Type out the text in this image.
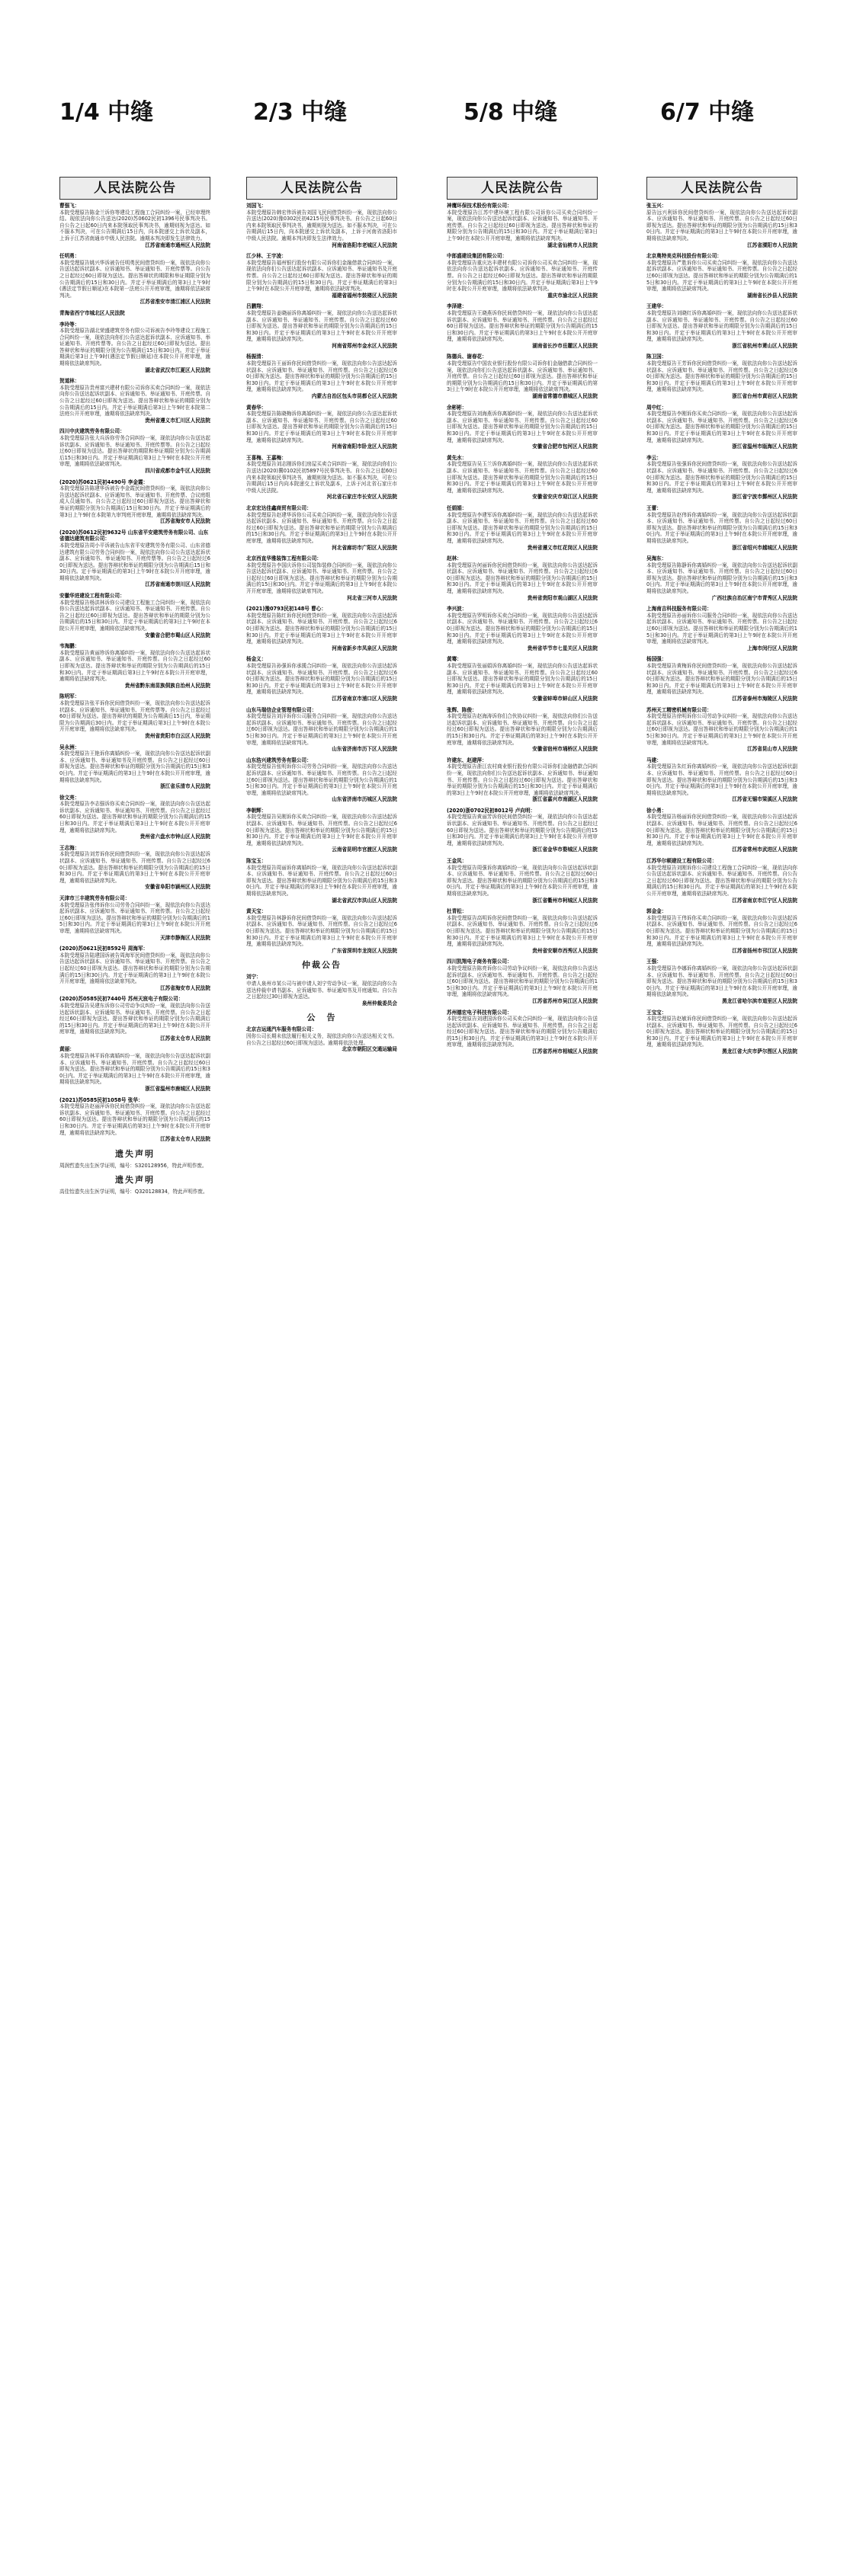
1/4 中缝	2/3 中缝	5/8 中缝	6/7 中缝
人民法院公告
曹强飞：
本院受理原告陈金兰诉你等建设工程施工合同纠纷一案，已经审理终结。现依法向你公告送达(2020)苏0602民初1396号民事判决书。自公告之日起60日内来本院领取民事判决书，逾期则视为送达。如不服本判决，可在公告期满后15日内，向本院递交上诉状及副本，上诉于江苏省南通市中级人民法院。逾期本判决即发生法律效力。
江苏省南通市通州区人民法院
任明勇：
本院受理原告姚兴华诉被告任明勇民间借贷纠纷一案，现依法向你公告送达起诉状副本、应诉通知书、举证通知书、开庭传票等。自公告之日起经过60日即视为送达。提出答辩状的期限和举证期限分别为公告期满后的15日和30日内。并定于举证期满后的第3日上午9时(遇法定节假日顺延)在本院第一法庭公开开庭审理，逾期将依法缺席判决。
江苏省淮安市清江浦区人民法院
青海省西宁市城北区人民法院
李玲等：
本院受理原告湖北荣盛建筑劳务有限公司诉被告李玲等建设工程施工合同纠纷一案，现依法向你们公告送达起诉状副本、应诉通知书、举证通知书、开庭传票等。自公告之日起经过60日即视为送达。提出答辩状和举证的期限分别为公告期满后15日和30日内。并定于举证期满后第3日上午9时(遇法定节假日顺延)在本院公开开庭审理，逾期将依法缺席判决。
湖北省武汉市江夏区人民法院
贺道林：
本院受理原告贵州富兴建材有限公司诉你买卖合同纠纷一案，现依法向你公告送达起诉状副本、应诉通知书、举证通知书、开庭传票。自公告之日起经过60日即视为送达。提出答辩状和举证的期限分别为公告期满后的15日内。并定于举证期满后第3日上午9时在本院第二法庭公开开庭审理，逾期将依法缺席判决。
贵州省遵义市汇川区人民法院
四川中庆建筑劳务有限公司：
本院受理原告张大兵诉你劳务合同纠纷一案，现依法向你公告送达起诉状副本、应诉通知书、举证通知书、开庭传票等。自公告之日起经过60日即视为送达。提出答辩状的期限和举证期限分别为公告期满后15日和30日内。并定于举证期满后第3日上午9时在本院公开开庭审理，逾期将依法缺席判决。
四川省成都市金牛区人民法院
(2020)苏0621民初4490号 李金霞：
本院受理原告陈建华诉被告李金霞民间借贷纠纷一案，现依法向你公告送达起诉状副本、应诉通知书、举证通知书、开庭传票、合议庭组成人员通知书。自公告之日起经过60日即视为送达。提出答辩状和举证的期限分别为公告期满后15日和30日内。并定于举证期满后的第3日上午9时在本院第九审判庭开庭审理，逾期将依法缺席判决。
江苏省海安市人民法院
(2020)苏0612民初9632号 山东省平安建筑劳务有限公司、山东省德达建筑有限公司：
本院受理原告周小平诉被告山东省平安建筑劳务有限公司、山东省德达建筑有限公司劳务合同纠纷一案，现依法向你公司公告送达起诉状副本、应诉通知书、举证通知书、开庭传票等。自公告之日起经过60日即视为送达。提出答辩状和举证的期限分别为公告期满后15日和30日内。定于举证期满后的第3日上午9时在本院公开开庭审理，逾期将依法缺席判决。
江苏省南通市崇川区人民法院
安徽华进建设工程有限公司：
本院受理原告杨洪林诉你公司建设工程施工合同纠纷一案，现依法向你公告送达起诉状副本、应诉通知书、举证通知书、开庭传票。自公告之日起经过60日即视为送达。提出答辩状和举证的期限分别为公告期满后的15日和30日内。并定于举证期满后的第3日上午9时在本院公开开庭审理，逾期将依法缺席判决。
安徽省合肥市蜀山区人民法院
韦海鹏：
本院受理原告黄丽珍诉你离婚纠纷一案，现依法向你公告送达起诉状副本、应诉通知书、举证通知书、开庭传票。自公告之日起经过60日即视为送达。提出答辩状和举证的期限分别为公告期满后的15日和30日内。并定于举证期满后第3日上午9时在本院公开开庭审理，逾期将依法缺席判决。
贵州省黔东南苗族侗族自治州人民法院
陈明军：
本院受理原告张平诉你民间借贷纠纷一案，现依法向你公告送达起诉状副本、应诉通知书、举证通知书、开庭传票等。自公告之日起经过60日即视为送达。提出答辩状的期限为公告期满后15日内，举证期限为公告期满后30日内。并定于举证期满后第3日上午9时在本院公开开庭审理，逾期将依法缺席判决。
贵州省贵阳市白云区人民法院
吴永洲：
本院受理原告王艳诉你离婚纠纷一案，现依法向你公告送达起诉状副本、应诉通知书、举证通知书及开庭传票。自公告之日起经过60日即视为送达。提出答辩状和举证的期限分别为公告期满后的15日和30日内。并定于举证期满后的第3日上午9时在本院公开开庭审理，逾期将依法缺席判决。
浙江省乐清市人民法院
徐文亮：
本院受理原告李志强诉你买卖合同纠纷一案，现依法向你公告送达起诉状副本、应诉通知书、举证通知书、开庭传票。自公告之日起经过60日即视为送达。提出答辩状和举证的期限分别为公告期满后的15日和30日内。并定于举证期满后第3日上午9时在本院公开开庭审理，逾期将依法缺席判决。
贵州省六盘水市钟山区人民法院
王志海：
本院受理原告刘芳诉你民间借贷纠纷一案，现依法向你公告送达起诉状副本、应诉通知书、举证通知书、开庭传票。自公告之日起经过60日即视为送达。提出答辩状和举证的期限分别为公告期满后的15日和30日内。并定于举证期满后的第3日上午9时在本院公开开庭审理，逾期将依法缺席判决。
安徽省阜阳市颍州区人民法院
天津市三丰建筑劳务有限公司：
本院受理原告张伟诉你公司劳务合同纠纷一案，现依法向你公告送达起诉状副本、应诉通知书、举证通知书、开庭传票。自公告之日起经过60日即视为送达。提出答辩状和举证的期限分别为公告期满后的15日和30日内。并定于举证期满后的第3日上午9时在本院公开开庭审理，逾期将依法缺席判决。
天津市静海区人民法院
(2020)苏0621民初8592号 周海军：
本院受理原告陆建国诉被告周海军民间借贷纠纷一案，现依法向你公告送达起诉状副本、应诉通知书、举证通知书、开庭传票。自公告之日起经过60日即视为送达。提出答辩状和举证的期限分别为公告期满后的15日和30日内。并定于举证期满后的第3日上午9时在本院公开开庭审理，逾期将依法缺席判决。
江苏省海安市人民法院
(2020)苏0585民初7440号 苏州天宸电子有限公司：
本院受理原告吴建东诉你公司劳动争议纠纷一案，现依法向你公告送达起诉状副本、应诉通知书、举证通知书、开庭传票。自公告之日起经过60日即视为送达。提出答辩状和举证的期限分别为公告期满后的15日和30日内。并定于举证期满后的第3日上午9时在本院公开开庭审理，逾期将依法缺席判决。
江苏省太仓市人民法院
黄丽：
本院受理原告林平诉你离婚纠纷一案，现依法向你公告送达起诉状副本、应诉通知书、举证通知书、开庭传票。自公告之日起经过60日即视为送达。提出答辩状和举证的期限分别为公告期满后的15日和30日内。并定于举证期满后的第3日上午9时在本院公开开庭审理，逾期将依法缺席判决。
浙江省温州市鹿城区人民法院
(2021)苏0585民初1058号 张华：
本院受理原告赵丽萍诉你民间借贷纠纷一案，现依法向你公告送达起诉状副本、应诉通知书、举证通知书、开庭传票。自公告之日起经过60日即视为送达。提出答辩状和举证的期限分别为公告期满后的15日和30日内。并定于举证期满后的第3日上午9时在本院公开开庭审理，逾期将依法缺席判决。
江苏省太仓市人民法院
遗失声明
周润哲遗失出生医学证明，编号：S320128956，特此声明作废。
遗失声明
高佳怡遗失出生医学证明，编号：Q320128834，特此声明作废。
人民法院公告
刘国飞：
本院受理原告韩宏伟诉被告刘国飞民间借贷纠纷一案，现依法向你公告送达(2020)豫0302民初4215号民事判决书。自公告之日起60日内来本院领取民事判决书，逾期则视为送达。如不服本判决，可在公告期满后15日内，向本院递交上诉状及副本，上诉于河南省洛阳市中级人民法院。逾期本判决即发生法律效力。
河南省洛阳市老城区人民法院
江少林、王宇凌：
本院受理原告福州银行股份有限公司诉你们金融借款合同纠纷一案，现依法向你们公告送达起诉状副本、应诉通知书、举证通知书及开庭传票。自公告之日起经过60日即视为送达。提出答辩状和举证的期限分别为公告期满后的15日和30日内。并定于举证期满后的第3日上午9时在本院公开开庭审理，逾期将依法缺席判决。
福建省福州市鼓楼区人民法院
吕鹏翔：
本院受理原告姜晓丽诉你离婚纠纷一案，现依法向你公告送达起诉状副本、应诉通知书、举证通知书、开庭传票。自公告之日起经过60日即视为送达。提出答辩状和举证的期限分别为公告期满后的15日和30日内。并定于举证期满后的第3日上午9时在本院公开开庭审理，逾期将依法缺席判决。
河南省郑州市金水区人民法院
杨振清：
本院受理原告王丽诉你民间借贷纠纷一案，现依法向你公告送达起诉状副本、应诉通知书、举证通知书、开庭传票。自公告之日起经过60日即视为送达。提出答辩状和举证的期限分别为公告期满后的15日和30日内。并定于举证期满后的第3日上午9时在本院公开开庭审理，逾期将依法缺席判决。
内蒙古自治区包头市昆都仑区人民法院
黄春华：
本院受理原告陈晓梅诉你离婚纠纷一案，现依法向你公告送达起诉状副本、应诉通知书、举证通知书、开庭传票。自公告之日起经过60日即视为送达。提出答辩状和举证的期限分别为公告期满后的15日和30日内。并定于举证期满后的第3日上午9时在本院公开开庭审理，逾期将依法缺席判决。
河南省南阳市卧龙区人民法院
王喜梅、王嘉梅：
本院受理原告刘志刚诉你们房屋买卖合同纠纷一案，现依法向你们公告送达(2020)冀0102民初5897号民事判决书。自公告之日起60日内来本院领取民事判决书，逾期则视为送达。如不服本判决，可在公告期满后15日内向本院递交上诉状及副本，上诉于河北省石家庄市中级人民法院。
河北省石家庄市长安区人民法院
北京宏达佳鑫商贸有限公司：
本院受理原告赵建华诉你公司买卖合同纠纷一案，现依法向你公告送达起诉状副本、应诉通知书、举证通知书、开庭传票。自公告之日起经过60日即视为送达。提出答辩状和举证的期限分别为公告期满后的15日和30日内。并定于举证期满后的第3日上午9时在本院公开开庭审理，逾期将依法缺席判决。
河北省廊坊市广阳区人民法院
北京西直华雅装饰工程有限公司：
本院受理原告李国庆诉你公司装饰装修合同纠纷一案，现依法向你公告送达起诉状副本、应诉通知书、举证通知书、开庭传票。自公告之日起经过60日即视为送达。提出答辩状和举证的期限分别为公告期满后的15日和30日内。并定于举证期满后的第3日上午9时在本院公开开庭审理，逾期将依法缺席判决。
河北省三河市人民法院
(2021)豫0793民初148号 曹心：
本院受理原告陈红诉你民间借贷纠纷一案，现依法向你公告送达起诉状副本、应诉通知书、举证通知书、开庭传票。自公告之日起经过60日即视为送达。提出答辩状和举证的期限分别为公告期满后的15日和30日内。并定于举证期满后的第3日上午9时在本院公开开庭审理，逾期将依法缺席判决。
河南省新乡市凤泉区人民法院
杨金义：
本院受理原告孙强诉你承揽合同纠纷一案，现依法向你公告送达起诉状副本、应诉通知书、举证通知书、开庭传票。自公告之日起经过60日即视为送达。提出答辩状和举证的期限分别为公告期满后的15日和30日内。并定于举证期满后的第3日上午9时在本院公开开庭审理，逾期将依法缺席判决。
江苏省南京市浦口区人民法院
山东马瑞信企业管理有限公司：
本院受理原告刘洋诉你公司服务合同纠纷一案，现依法向你公告送达起诉状副本、应诉通知书、举证通知书、开庭传票。自公告之日起经过60日即视为送达。提出答辩状和举证的期限分别为公告期满后的15日和30日内。并定于举证期满后的第3日上午9时在本院公开开庭审理，逾期将依法缺席判决。
山东省济南市历下区人民法院
山东浩兴建筑劳务有限公司：
本院受理原告张明诉你公司劳务合同纠纷一案，现依法向你公告送达起诉状副本、应诉通知书、举证通知书、开庭传票。自公告之日起经过60日即视为送达。提出答辩状和举证的期限分别为公告期满后的15日和30日内。并定于举证期满后的第3日上午9时在本院公开开庭审理，逾期将依法缺席判决。
山东省济南市历城区人民法院
李朝辉：
本院受理原告吴刚诉你买卖合同纠纷一案，现依法向你公告送达起诉状副本、应诉通知书、举证通知书、开庭传票。自公告之日起经过60日即视为送达。提出答辩状和举证的期限分别为公告期满后的15日和30日内。并定于举证期满后的第3日上午9时在本院公开开庭审理，逾期将依法缺席判决。
云南省昆明市官渡区人民法院
陈宝玉：
本院受理原告周丽诉你离婚纠纷一案，现依法向你公告送达起诉状副本、应诉通知书、举证通知书、开庭传票。自公告之日起经过60日即视为送达。提出答辩状和举证的期限分别为公告期满后的15日和30日内。并定于举证期满后的第3日上午9时在本院公开开庭审理，逾期将依法缺席判决。
湖北省武汉市洪山区人民法院
黄天宝：
本院受理原告林静诉你民间借贷纠纷一案，现依法向你公告送达起诉状副本、应诉通知书、举证通知书、开庭传票。自公告之日起经过60日即视为送达。提出答辩状和举证的期限分别为公告期满后的15日和30日内。并定于举证期满后的第3日上午9时在本院公开开庭审理，逾期将依法缺席判决。
广东省深圳市龙岗区人民法院
仲裁公告
刘宁：
申请人泉州市某公司与被申请人刘宁劳动争议一案，现依法向你公告送达仲裁申请书副本、应诉通知书、举证通知书及开庭通知。自公告之日起经过30日即视为送达。
泉州仲裁委员会
公　告
北京吉运通汽车服务有限公司：
因你公司长期未依法履行相关义务，现依法向你公告送达相关文书。自公告之日起经过60日即视为送达。逾期将依法处理。
北京市朝阳区交通运输局
人民法院公告
神鹰环保技术股份有限公司：
本院受理原告江苏中建环境工程有限公司诉你公司买卖合同纠纷一案，现依法向你公告送达起诉状副本、应诉通知书、举证通知书、开庭传票。自公告之日起经过60日即视为送达。提出答辩状和举证的期限分别为公告期满后的15日和30日内。并定于举证期满后第3日上午9时在本院公开开庭审理，逾期将依法缺席判决。
湖北省仙桃市人民法院
中郎盛建设集团有限公司：
本院受理原告重庆达丰建材有限公司诉你公司买卖合同纠纷一案，现依法向你公告送达起诉状副本、应诉通知书、举证通知书、开庭传票。自公告之日起经过60日即视为送达。提出答辩状和举证的期限分别为公告期满后的15日和30日内。并定于举证期满后第3日上午9时在本院公开开庭审理，逾期将依法缺席判决。
重庆市渝北区人民法院
李泽建：
本院受理原告王晓燕诉你民间借贷纠纷一案，现依法向你公告送达起诉状副本、应诉通知书、举证通知书、开庭传票。自公告之日起经过60日即视为送达。提出答辩状和举证的期限分别为公告期满后的15日和30日内。并定于举证期满后的第3日上午9时在本院公开开庭审理，逾期将依法缺席判决。
湖南省长沙市岳麓区人民法院
陈德兵、谢春花：
本院受理原告中国农业银行股份有限公司诉你们金融借款合同纠纷一案，现依法向你们公告送达起诉状副本、应诉通知书、举证通知书、开庭传票。自公告之日起经过60日即视为送达。提出答辩状和举证的期限分别为公告期满后的15日和30日内。并定于举证期满后的第3日上午9时在本院公开开庭审理，逾期将依法缺席判决。
湖南省常德市鼎城区人民法院
余彬彬：
本院受理原告刘海燕诉你离婚纠纷一案，现依法向你公告送达起诉状副本、应诉通知书、举证通知书、开庭传票。自公告之日起经过60日即视为送达。提出答辩状和举证的期限分别为公告期满后的15日和30日内。并定于举证期满后的第3日上午9时在本院公开开庭审理，逾期将依法缺席判决。
安徽省合肥市包河区人民法院
黄先水：
本院受理原告吴玉兰诉你离婚纠纷一案，现依法向你公告送达起诉状副本、应诉通知书、举证通知书、开庭传票。自公告之日起经过60日即视为送达。提出答辩状和举证的期限分别为公告期满后的15日和30日内。并定于举证期满后的第3日上午9时在本院公开开庭审理，逾期将依法缺席判决。
安徽省安庆市迎江区人民法院
任娟娟：
本院受理原告李建军诉你离婚纠纷一案，现依法向你公告送达起诉状副本、应诉通知书、举证通知书、开庭传票。自公告之日起经过60日即视为送达。提出答辩状和举证的期限分别为公告期满后的15日和30日内。并定于举证期满后的第3日上午9时在本院公开开庭审理，逾期将依法缺席判决。
贵州省遵义市红花岗区人民法院
赵林：
本院受理原告何丽诉你民间借贷纠纷一案，现依法向你公告送达起诉状副本、应诉通知书、举证通知书、开庭传票。自公告之日起经过60日即视为送达。提出答辩状和举证的期限分别为公告期满后的15日和30日内。并定于举证期满后的第3日上午9时在本院公开开庭审理，逾期将依法缺席判决。
贵州省贵阳市观山湖区人民法院
李兴波：
本院受理原告罗明诉你买卖合同纠纷一案，现依法向你公告送达起诉状副本、应诉通知书、举证通知书、开庭传票。自公告之日起经过60日即视为送达。提出答辩状和举证的期限分别为公告期满后的15日和30日内。并定于举证期满后的第3日上午9时在本院公开开庭审理，逾期将依法缺席判决。
贵州省毕节市七星关区人民法院
黄骞：
本院受理原告张丽娟诉你离婚纠纷一案，现依法向你公告送达起诉状副本、应诉通知书、举证通知书、开庭传票。自公告之日起经过60日即视为送达。提出答辩状和举证的期限分别为公告期满后的15日和30日内。并定于举证期满后的第3日上午9时在本院公开开庭审理，逾期将依法缺席判决。
安徽省蚌埠市蚌山区人民法院
张辉、陈俊：
本院受理原告赵海涛诉你们合伙协议纠纷一案，现依法向你们公告送达起诉状副本、应诉通知书、举证通知书、开庭传票。自公告之日起经过60日即视为送达。提出答辩状和举证的期限分别为公告期满后的15日和30日内。并定于举证期满后的第3日上午9时在本院公开开庭审理，逾期将依法缺席判决。
安徽省宿州市埇桥区人民法院
许建东、赵建萍：
本院受理原告浙江农村商业银行股份有限公司诉你们金融借款合同纠纷一案，现依法向你们公告送达起诉状副本、应诉通知书、举证通知书、开庭传票。自公告之日起经过60日即视为送达。提出答辩状和举证的期限分别为公告期满后的15日和30日内。并定于举证期满后的第3日上午9时在本院公开开庭审理，逾期将依法缺席判决。
浙江省嘉兴市南湖区人民法院
(2020)浙0702民初8012号 卢向明：
本院受理原告黄丽芳诉你民间借贷纠纷一案，现依法向你公告送达起诉状副本、应诉通知书、举证通知书、开庭传票。自公告之日起经过60日即视为送达。提出答辩状和举证的期限分别为公告期满后的15日和30日内。并定于举证期满后的第3日上午9时在本院公开开庭审理，逾期将依法缺席判决。
浙江省金华市婺城区人民法院
王金凤：
本院受理原告周强诉你离婚纠纷一案，现依法向你公告送达起诉状副本、应诉通知书、举证通知书、开庭传票。自公告之日起经过60日即视为送达。提出答辩状和举证的期限分别为公告期满后的15日和30日内。并定于举证期满后的第3日上午9时在本院公开开庭审理，逾期将依法缺席判决。
浙江省衢州市柯城区人民法院
杜青松：
本院受理原告高明诉你民间借贷纠纷一案，现依法向你公告送达起诉状副本、应诉通知书、举证通知书、开庭传票。自公告之日起经过60日即视为送达。提出答辩状和举证的期限分别为公告期满后的15日和30日内。并定于举证期满后的第3日上午9时在本院公开开庭审理，逾期将依法缺席判决。
贵州省安顺市西秀区人民法院
四川凯翔电子商务有限公司：
本院受理原告陈亮诉你公司劳动争议纠纷一案，现依法向你公告送达起诉状副本、应诉通知书、举证通知书、开庭传票。自公告之日起经过60日即视为送达。提出答辩状和举证的期限分别为公告期满后的15日和30日内。并定于举证期满后的第3日上午9时在本院公开开庭审理，逾期将依法缺席判决。
江苏省苏州市吴江区人民法院
苏州德宏电子科技有限公司：
本院受理原告刘建国诉你公司买卖合同纠纷一案，现依法向你公告送达起诉状副本、应诉通知书、举证通知书、开庭传票。自公告之日起经过60日即视为送达。提出答辩状和举证的期限分别为公告期满后的15日和30日内。并定于举证期满后的第3日上午9时在本院公开开庭审理，逾期将依法缺席判决。
江苏省苏州市相城区人民法院
人民法院公告
张玉兴：
原告远兴利诉你民间借贷纠纷一案，现依法向你公告送达起诉状副本、应诉通知书、举证通知书、开庭传票。自公告之日起经过60日即视为送达。提出答辩状和举证的期限分别为公告期满后的15日和30日内。并定于举证期满后的第3日上午9时在本院公开开庭审理，逾期将依法缺席判决。
江苏省溧阳市人民法院
北京奥特美克科技股份有限公司：
本院受理原告严胜诉你公司买卖合同纠纷一案，现依法向你公告送达起诉状副本、应诉通知书、举证通知书、开庭传票。自公告之日起经过60日即视为送达。提出答辩状和举证的期限分别为公告期满后的15日和30日内。并定于举证期满后的第3日上午9时在本院公开开庭审理，逾期将依法缺席判决。
湖南省长沙县人民法院
王建华：
本院受理原告刘晓红诉你离婚纠纷一案，现依法向你公告送达起诉状副本、应诉通知书、举证通知书、开庭传票。自公告之日起经过60日即视为送达。提出答辩状和举证的期限分别为公告期满后的15日和30日内。并定于举证期满后的第3日上午9时在本院公开开庭审理，逾期将依法缺席判决。
浙江省杭州市萧山区人民法院
陈卫国：
本院受理原告王芳诉你民间借贷纠纷一案，现依法向你公告送达起诉状副本、应诉通知书、举证通知书、开庭传票。自公告之日起经过60日即视为送达。提出答辩状和举证的期限分别为公告期满后的15日和30日内。并定于举证期满后的第3日上午9时在本院公开开庭审理，逾期将依法缺席判决。
浙江省台州市黄岩区人民法院
周中红：
本院受理原告李刚诉你买卖合同纠纷一案，现依法向你公告送达起诉状副本、应诉通知书、举证通知书、开庭传票。自公告之日起经过60日即视为送达。提出答辩状和举证的期限分别为公告期满后的15日和30日内。并定于举证期满后的第3日上午9时在本院公开开庭审理，逾期将依法缺席判决。
浙江省温州市瓯海区人民法院
李云：
本院受理原告张强诉你民间借贷纠纷一案，现依法向你公告送达起诉状副本、应诉通知书、举证通知书、开庭传票。自公告之日起经过60日即视为送达。提出答辩状和举证的期限分别为公告期满后的15日和30日内。并定于举证期满后的第3日上午9时在本院公开开庭审理，逾期将依法缺席判决。
浙江省宁波市鄞州区人民法院
王蕾：
本院受理原告赵伟诉你离婚纠纷一案，现依法向你公告送达起诉状副本、应诉通知书、举证通知书、开庭传票。自公告之日起经过60日即视为送达。提出答辩状和举证的期限分别为公告期满后的15日和30日内。并定于举证期满后的第3日上午9时在本院公开开庭审理，逾期将依法缺席判决。
浙江省绍兴市越城区人民法院
吴海东：
本院受理原告陈静诉你离婚纠纷一案，现依法向你公告送达起诉状副本、应诉通知书、举证通知书、开庭传票。自公告之日起经过60日即视为送达。提出答辩状和举证的期限分别为公告期满后的15日和30日内。并定于举证期满后的第3日上午9时在本院公开开庭审理，逾期将依法缺席判决。
广西壮族自治区南宁市青秀区人民法院
上海南吉科技服务有限公司：
本院受理原告孙丽诉你公司服务合同纠纷一案，现依法向你公告送达起诉状副本、应诉通知书、举证通知书、开庭传票。自公告之日起经过60日即视为送达。提出答辩状和举证的期限分别为公告期满后的15日和30日内。并定于举证期满后的第3日上午9时在本院公开开庭审理，逾期将依法缺席判决。
上海市闵行区人民法院
杨国强：
本院受理原告黄梅诉你民间借贷纠纷一案，现依法向你公告送达起诉状副本、应诉通知书、举证通知书、开庭传票。自公告之日起经过60日即视为送达。提出答辩状和举证的期限分别为公告期满后的15日和30日内。并定于举证期满后的第3日上午9时在本院公开开庭审理，逾期将依法缺席判决。
江苏省泰州市海陵区人民法院
苏州天工精密机械有限公司：
本院受理原告徐明诉你公司劳动争议纠纷一案，现依法向你公告送达起诉状副本、应诉通知书、举证通知书、开庭传票。自公告之日起经过60日即视为送达。提出答辩状和举证的期限分别为公告期满后的15日和30日内。并定于举证期满后的第3日上午9时在本院公开开庭审理，逾期将依法缺席判决。
江苏省昆山市人民法院
马建：
本院受理原告朱红诉你离婚纠纷一案，现依法向你公告送达起诉状副本、应诉通知书、举证通知书、开庭传票。自公告之日起经过60日即视为送达。提出答辩状和举证的期限分别为公告期满后的15日和30日内。并定于举证期满后的第3日上午9时在本院公开开庭审理，逾期将依法缺席判决。
江苏省无锡市梁溪区人民法院
徐小勇：
本院受理原告杨丽诉你民间借贷纠纷一案，现依法向你公告送达起诉状副本、应诉通知书、举证通知书、开庭传票。自公告之日起经过60日即视为送达。提出答辩状和举证的期限分别为公告期满后的15日和30日内。并定于举证期满后的第3日上午9时在本院公开开庭审理，逾期将依法缺席判决。
江苏省常州市武进区人民法院
江苏华尔顿建设工程有限公司：
本院受理原告刘刚诉你公司建设工程施工合同纠纷一案，现依法向你公告送达起诉状副本、应诉通知书、举证通知书、开庭传票。自公告之日起经过60日即视为送达。提出答辩状和举证的期限分别为公告期满后的15日和30日内。并定于举证期满后的第3日上午9时在本院公开开庭审理，逾期将依法缺席判决。
江苏省南京市江宁区人民法院
郭金金：
本院受理原告王伟诉你买卖合同纠纷一案，现依法向你公告送达起诉状副本、应诉通知书、举证通知书、开庭传票。自公告之日起经过60日即视为送达。提出答辩状和举证的期限分别为公告期满后的15日和30日内。并定于举证期满后的第3日上午9时在本院公开开庭审理，逾期将依法缺席判决。
江苏省扬州市邗江区人民法院
王强：
本院受理原告李娜诉你离婚纠纷一案，现依法向你公告送达起诉状副本、应诉通知书、举证通知书、开庭传票。自公告之日起经过60日即视为送达。提出答辩状和举证的期限分别为公告期满后的15日和30日内。并定于举证期满后的第3日上午9时在本院公开开庭审理，逾期将依法缺席判决。
黑龙江省哈尔滨市道里区人民法院
王宝宝：
本院受理原告赵敏诉你民间借贷纠纷一案，现依法向你公告送达起诉状副本、应诉通知书、举证通知书、开庭传票。自公告之日起经过60日即视为送达。提出答辩状和举证的期限分别为公告期满后的15日和30日内。并定于举证期满后的第3日上午9时在本院公开开庭审理，逾期将依法缺席判决。
黑龙江省大庆市萨尔图区人民法院
